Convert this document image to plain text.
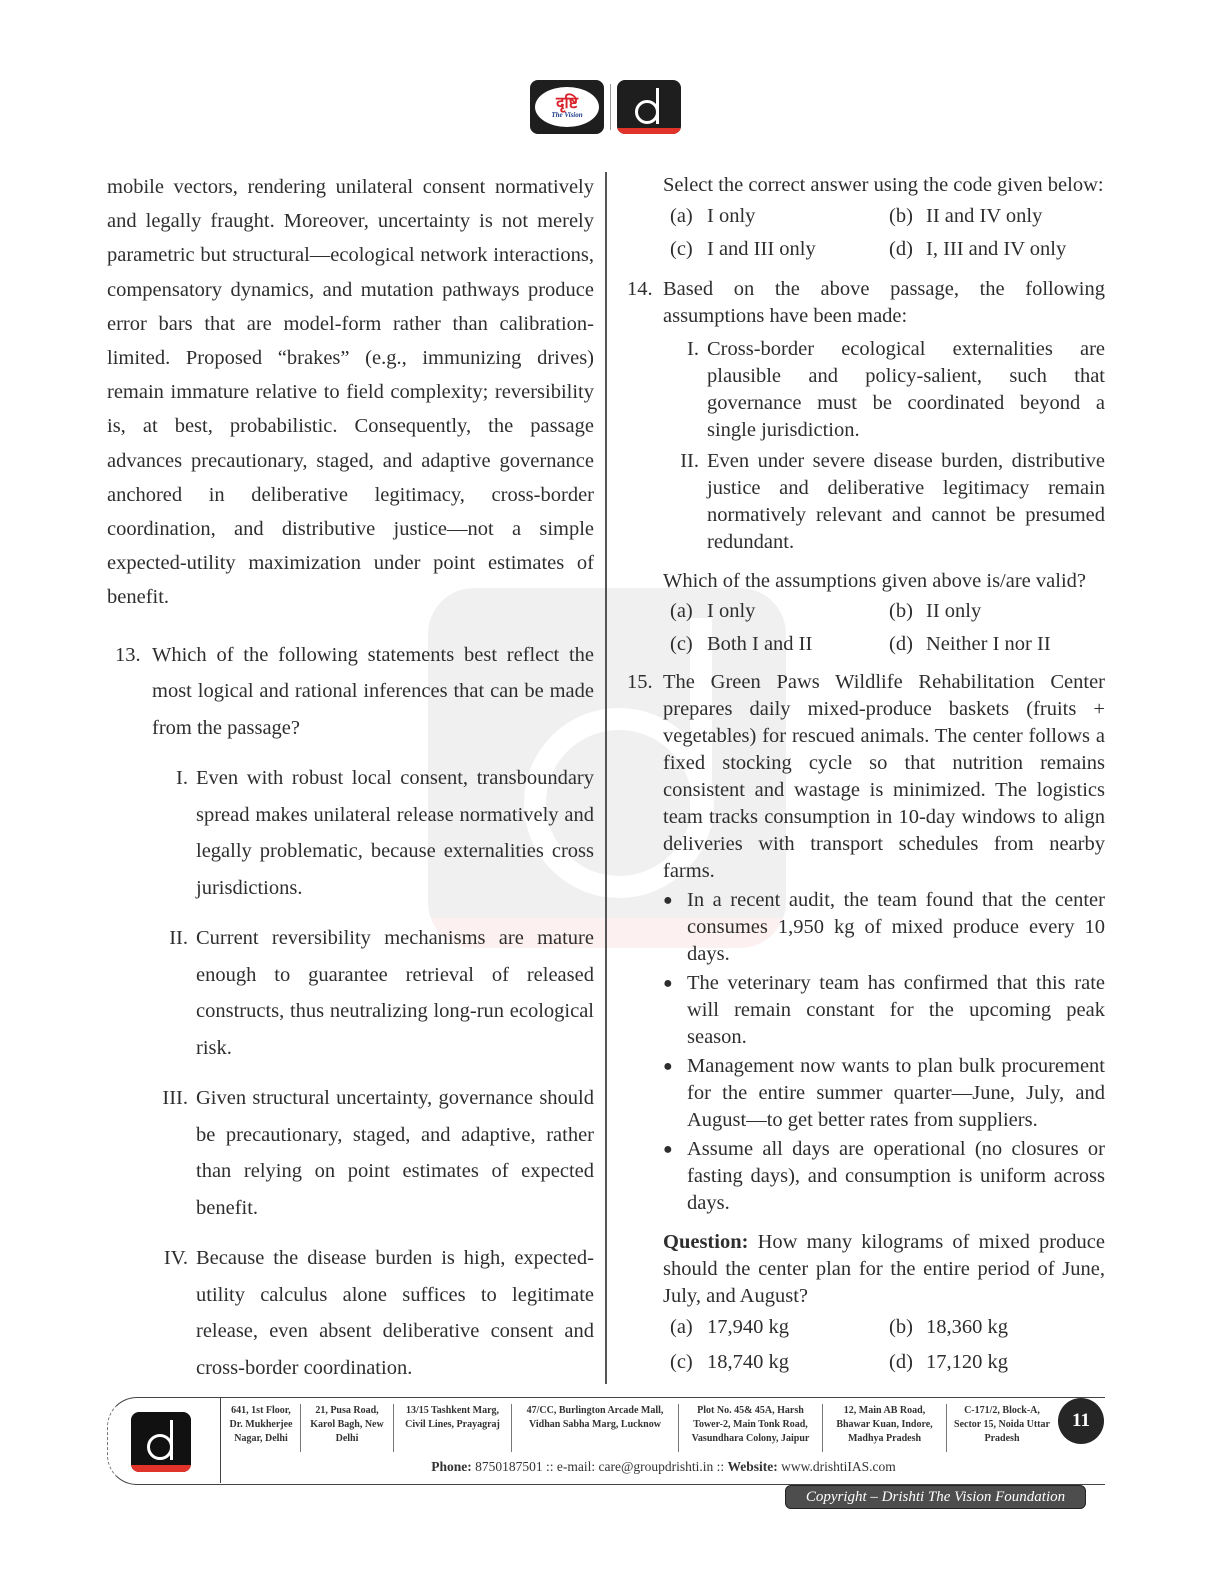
दृष्टि
The Vision

mobile vectors, rendering unilateral consent normatively and legally fraught. Moreover, uncertainty is not merely parametric but structural—ecological network interactions, compensatory dynamics, and mutation pathways produce error bars that are model-form rather than calibration-limited. Proposed “brakes” (e.g., immunizing drives) remain immature relative to field complexity; reversibility is, at best, probabilistic. Consequently, the passage advances precautionary, staged, and adaptive governance anchored in deliberative legitimacy, cross-border coordination, and distributive justice—not a simple expected-utility maximization under point estimates of benefit.

13. Which of the following statements best reflect the most logical and rational inferences that can be made from the passage?

I. Even with robust local consent, transboundary spread makes unilateral release normatively and legally problematic, because externalities cross jurisdictions.
II. Current reversibility mechanisms are mature enough to guarantee retrieval of released constructs, thus neutralizing long-run ecological risk.
III. Given structural uncertainty, governance should be precautionary, staged, and adaptive, rather than relying on point estimates of expected benefit.
IV. Because the disease burden is high, expected-utility calculus alone suffices to legitimate release, even absent deliberative consent and cross-border coordination.

Select the correct answer using the code given below:

(a) I only	(b) II and IV only
(c) I and III only	(d) I, III and IV only
14. Based on the above passage, the following assumptions have been made:

I. Cross-border ecological externalities are plausible and policy-salient, such that governance must be coordinated beyond a single jurisdiction.
II. Even under severe disease burden, distributive justice and deliberative legitimacy remain normatively relevant and cannot be presumed redundant.

Which of the assumptions given above is/are valid?

(a) I only	(b) II only
(c) Both I and II	(d) Neither I nor II
15. The Green Paws Wildlife Rehabilitation Center prepares daily mixed-produce baskets (fruits + vegetables) for rescued animals. The center follows a fixed stocking cycle so that nutrition remains consistent and wastage is minimized. The logistics team tracks consumption in 10-day windows to align deliveries with transport schedules from nearby farms.

● In a recent audit, the team found that the center consumes 1,950 kg of mixed produce every 10 days.
● The veterinary team has confirmed that this rate will remain constant for the upcoming peak season.
● Management now wants to plan bulk procurement for the entire summer quarter—June, July, and August—to get better rates from suppliers.
● Assume all days are operational (no closures or fasting days), and consumption is uniform across days.

Question: How many kilograms of mixed produce should the center plan for the entire period of June, July, and August?

(a) 17,940 kg	(b) 18,360 kg
(c) 18,740 kg	(d) 17,120 kg
641, 1st Floor, Dr. Mukherjee Nagar, Delhi
21, Pusa Road, Karol Bagh, New Delhi
13/15 Tashkent Marg, Civil Lines, Prayagraj
47/CC, Burlington Arcade Mall, Vidhan Sabha Marg, Lucknow
Plot No. 45& 45A, Harsh Tower-2, Main Tonk Road, Vasundhara Colony, Jaipur
12, Main AB Road, Bhawar Kuan, Indore, Madhya Pradesh
C-171/2, Block-A, Sector 15, Noida Uttar Pradesh
Phone: 8750187501 :: e-mail: care@groupdrishti.in :: Website: www.drishtiIAS.com
11
Copyright – Drishti The Vision Foundation
